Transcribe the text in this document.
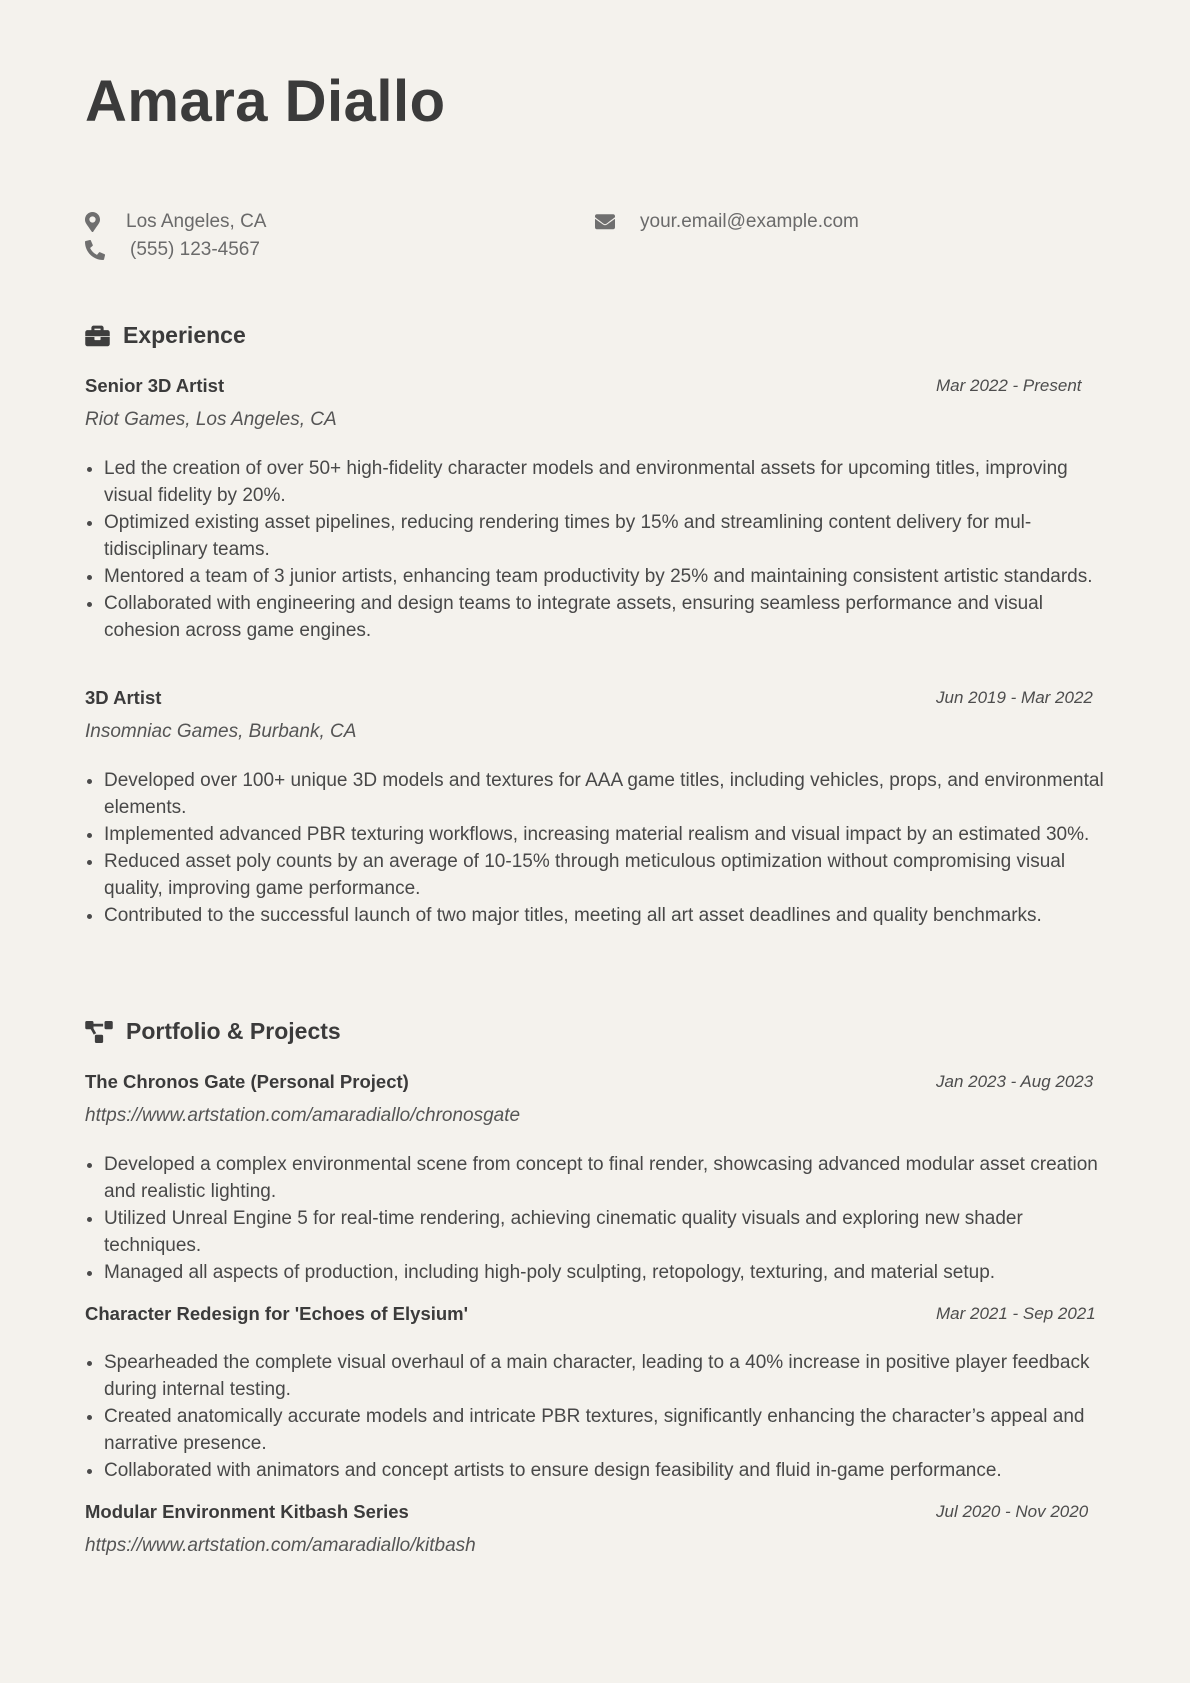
Amara Diallo
Los Angeles, CA
(555) 123-4567
your.email@example.com
Experience
Senior 3D Artist	Mar 2022 - Present
Riot Games, Los Angeles, CA
Led the creation of over 50+ high-fidelity character models and environmental assets for upcoming titles, improving visual fidelity by 20%.
Optimized existing asset pipelines, reducing rendering times by 15% and streamlining content delivery for multidisciplinary teams.
Mentored a team of 3 junior artists, enhancing team productivity by 25% and maintaining consistent artistic standards.
Collaborated with engineering and design teams to integrate assets, ensuring seamless performance and visual cohesion across game engines.
3D Artist	Jun 2019 - Mar 2022
Insomniac Games, Burbank, CA
Developed over 100+ unique 3D models and textures for AAA game titles, including vehicles, props, and environmental elements.
Implemented advanced PBR texturing workflows, increasing material realism and visual impact by an estimated 30%.
Reduced asset poly counts by an average of 10-15% through meticulous optimization without compromising visual quality, improving game performance.
Contributed to the successful launch of two major titles, meeting all art asset deadlines and quality benchmarks.
Portfolio & Projects
The Chronos Gate (Personal Project)	Jan 2023 - Aug 2023
https://www.artstation.com/amaradiallo/chronosgate
Developed a complex environmental scene from concept to final render, showcasing advanced modular asset creation and realistic lighting.
Utilized Unreal Engine 5 for real-time rendering, achieving cinematic quality visuals and exploring new shader techniques.
Managed all aspects of production, including high-poly sculpting, retopology, texturing, and material setup.
Character Redesign for 'Echoes of Elysium'	Mar 2021 - Sep 2021
Spearheaded the complete visual overhaul of a main character, leading to a 40% increase in positive player feedback during internal testing.
Created anatomically accurate models and intricate PBR textures, significantly enhancing the character’s appeal and narrative presence.
Collaborated with animators and concept artists to ensure design feasibility and fluid in-game performance.
Modular Environment Kitbash Series	Jul 2020 - Nov 2020
https://www.artstation.com/amaradiallo/kitbash
